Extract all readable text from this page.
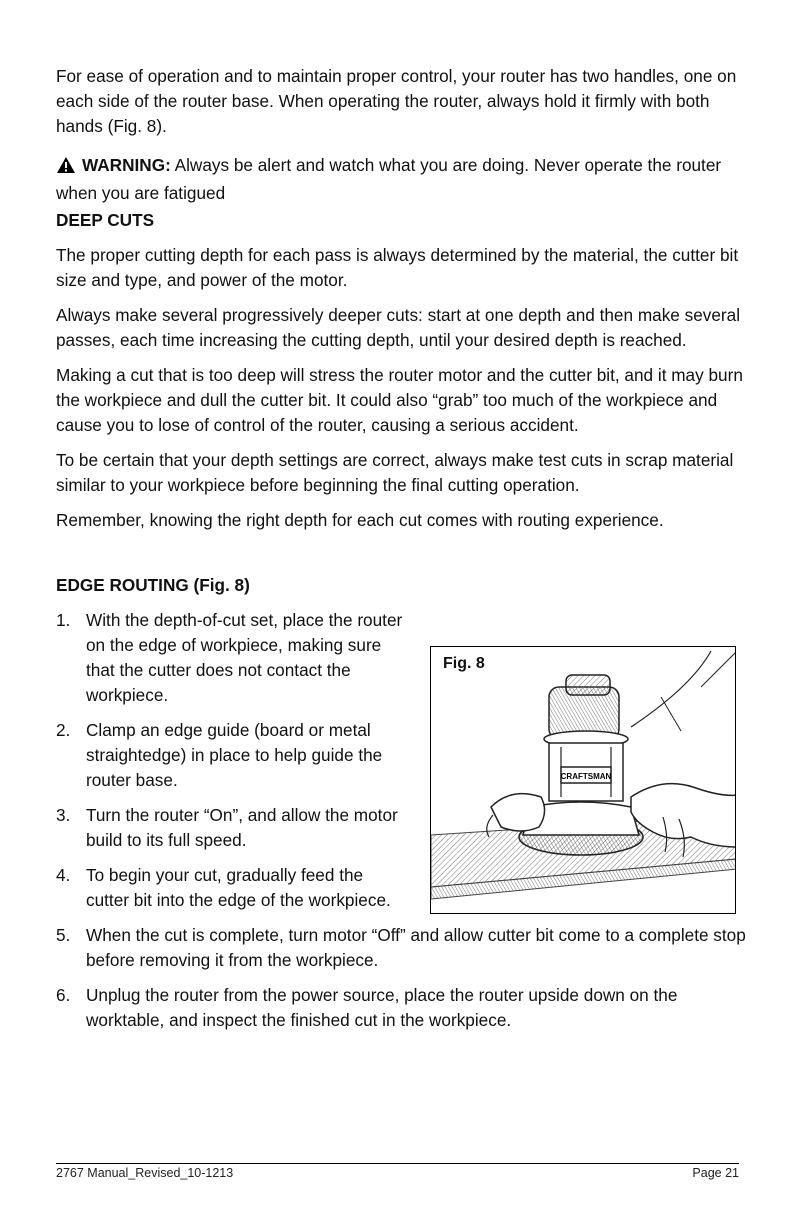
For ease of operation and to maintain proper control, your router has two handles, one on each side of the router base. When operating the router, always hold it firmly with both hands (Fig. 8).

WARNING: Always be alert and watch what you are doing. Never operate the router when you are fatigued

DEEP CUTS

The proper cutting depth for each pass is always determined by the material, the cutter bit size and type, and power of the motor.

Always make several progressively deeper cuts: start at one depth and then make several passes, each time increasing the cutting depth, until your desired depth is reached.

Making a cut that is too deep will stress the router motor and the cutter bit, and it may burn the workpiece and dull the cutter bit. It could also “grab” too much of the workpiece and cause you to lose of control of the router, causing a serious accident.

To be certain that your depth settings are correct, always make test cuts in scrap material similar to your workpiece before beginning the final cutting operation.

Remember, knowing the right depth for each cut comes with routing experience.

EDGE ROUTING (Fig. 8)
1. With the depth-of-cut set, place the router on the edge of workpiece, making sure that the cutter does not contact the workpiece.
2. Clamp an edge guide (board or metal straightedge) in place to help guide the router base.
3. Turn the router “On”, and allow the motor build to its full speed.
4. To begin your cut, gradually feed the cutter bit into the edge of the workpiece.
5. When the cut is complete, turn motor “Off” and allow cutter bit come to a complete stop before removing it from the workpiece.
6. Unplug the router from the power source, place the router upside down on the worktable, and inspect the finished cut in the workpiece.
CRAFTSMAN
Fig. 8
2767 Manual_Revised_10-1213	Page 21
